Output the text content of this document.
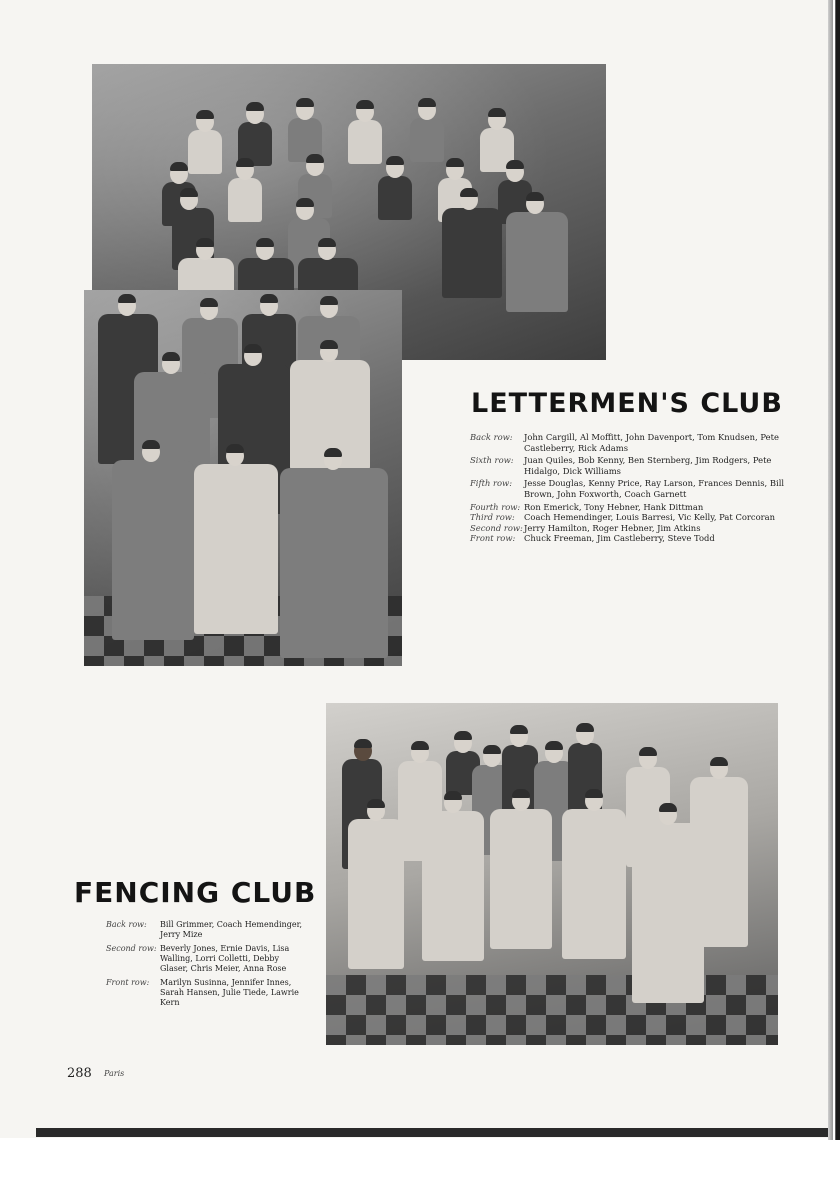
LETTERMEN'S CLUB
Back row:	John Cargill, Al Moffitt, John Davenport, Tom Knudsen, Pete Castleberry, Rick Adams
Sixth row:	Juan Quiles, Bob Kenny, Ben Sternberg, Jim Rodgers, Pete Hidalgo, Dick Williams
Fifth row:	Jesse Douglas, Kenny Price, Ray Larson, Frances Dennis, Bill Brown, John Foxworth, Coach Garnett
Fourth row: Ron Emerick, Tony Hebner, Hank Dittman
Third row:	Coach Hemendinger, Louis Barresi, Vic Kelly, Pat Corcoran
Second row: Jerry Hamilton, Roger Hebner, Jim Atkins
Front row:	Chuck Freeman, Jim Castleberry, Steve Todd
FENCING CLUB
Back row:	Bill Grimmer, Coach Hemendinger, Jerry Mize
Second row: Beverly Jones, Ernie Davis, Lisa Walling, Lorri Colletti, Debby Glaser, Chris Meier, Anna Rose
Front row:	Marilyn Susinna, Jennifer Innes, Sarah Hansen, Julie Tiede, Lawrie Kern
288 Paris
